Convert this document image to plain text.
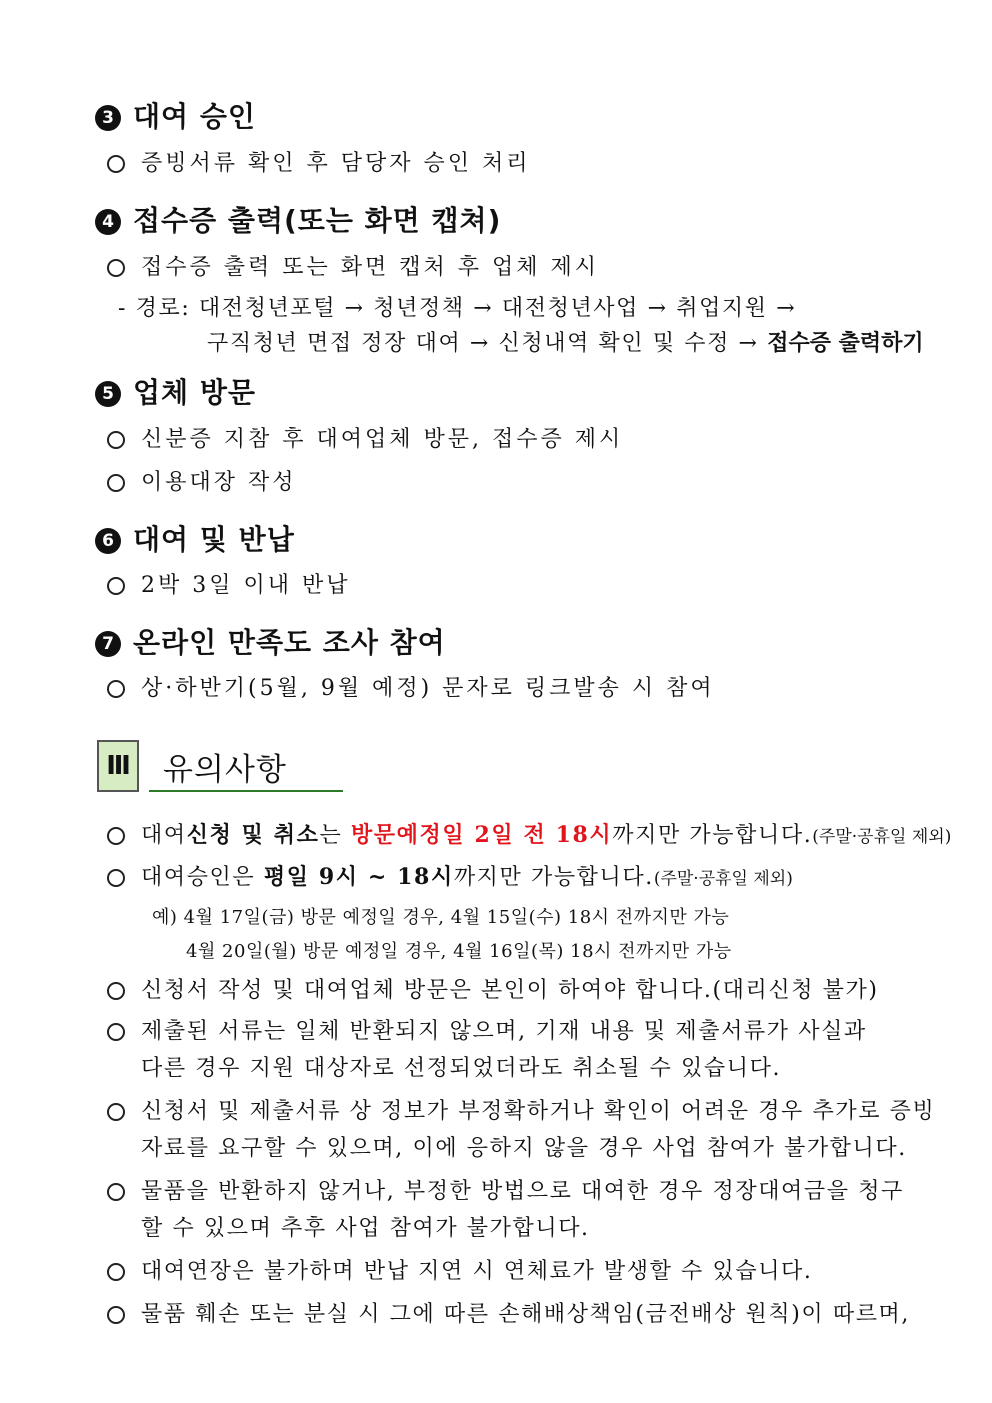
3 대여 승인
증빙서류 확인 후 담당자 승인 처리
4 접수증 출력(또는 화면 캡쳐)
접수증 출력 또는 화면 캡처 후 업체 제시
- 경로: 대전청년포털 → 청년정책 → 대전청년사업 → 취업지원 →
구직청년 면접 정장 대여 → 신청내역 확인 및 수정 → 접수증 출력하기
5 업체 방문
신분증 지참 후 대여업체 방문, 접수증 제시
이용대장 작성
6 대여 및 반납
2박 3일 이내 반납
7 온라인 만족도 조사 참여
상·하반기(5월, 9월 예정) 문자로 링크발송 시 참여
Ⅲ 유의사항
대여신청 및 취소는 방문예정일 2일 전 18시까지만 가능합니다.(주말·공휴일 제외)
대여승인은 평일 9시 ~ 18시까지만 가능합니다.(주말·공휴일 제외)
예) 4월 17일(금) 방문 예정일 경우, 4월 15일(수) 18시 전까지만 가능
4월 20일(월) 방문 예정일 경우, 4월 16일(목) 18시 전까지만 가능
신청서 작성 및 대여업체 방문은 본인이 하여야 합니다.(대리신청 불가)
제출된 서류는 일체 반환되지 않으며, 기재 내용 및 제출서류가 사실과
다른 경우 지원 대상자로 선정되었더라도 취소될 수 있습니다.
신청서 및 제출서류 상 정보가 부정확하거나 확인이 어려운 경우 추가로 증빙
자료를 요구할 수 있으며, 이에 응하지 않을 경우 사업 참여가 불가합니다.
물품을 반환하지 않거나, 부정한 방법으로 대여한 경우 정장대여금을 청구
할 수 있으며 추후 사업 참여가 불가합니다.
대여연장은 불가하며 반납 지연 시 연체료가 발생할 수 있습니다.
물품 훼손 또는 분실 시 그에 따른 손해배상책임(금전배상 원칙)이 따르며,
